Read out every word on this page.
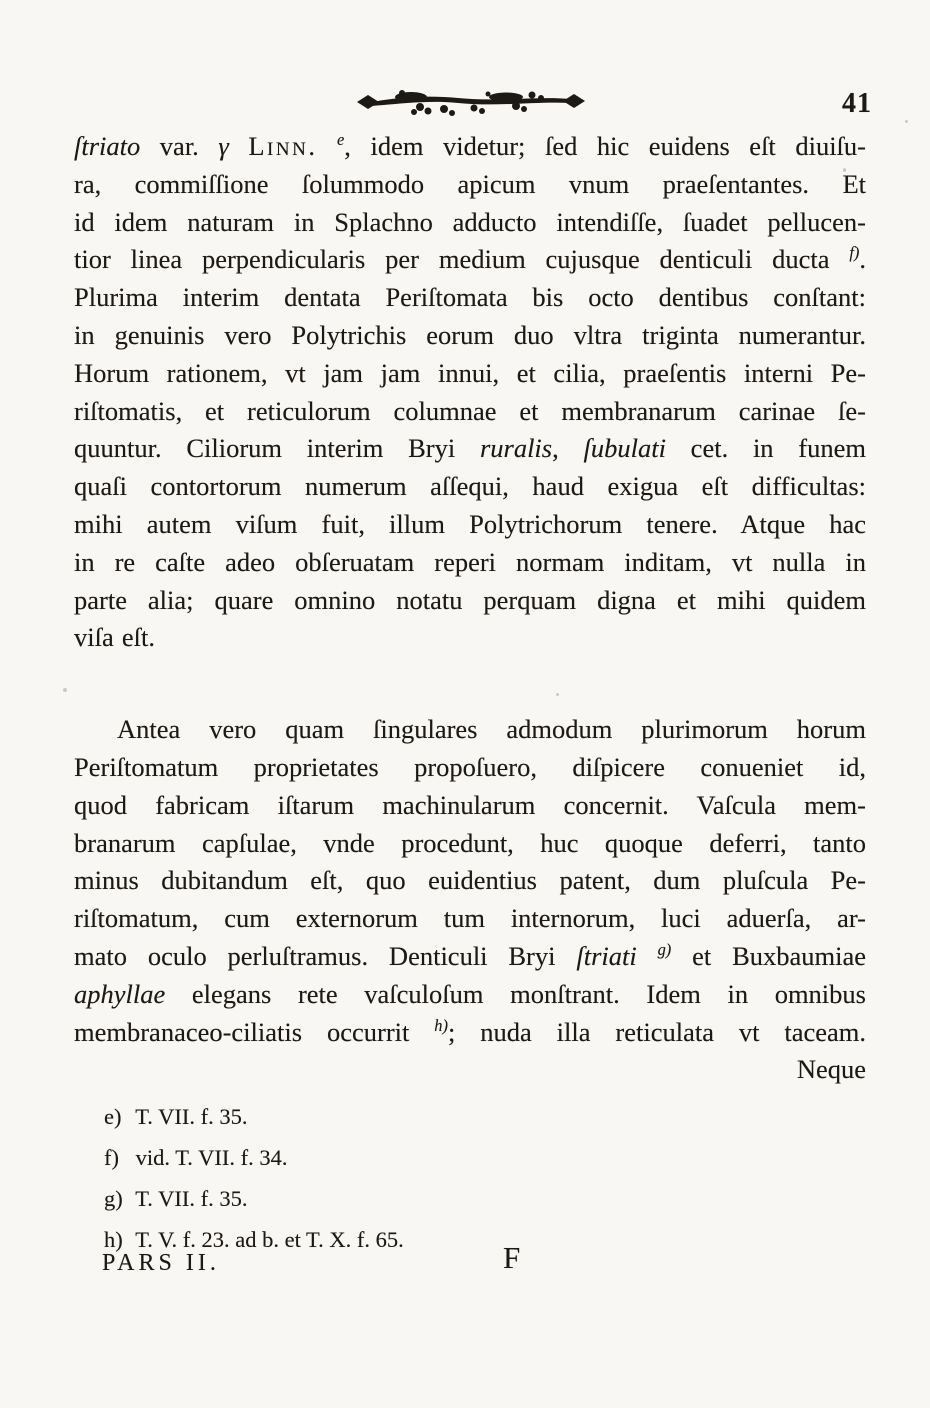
41
ſtriato var. γ Linn. $^e$, idem videtur; ſed hic euidens eſt diuiſu-
ra, commiſſione ſolummodo apicum vnum praeſentantes. Et
id idem naturam in Splachno adducto intendiſſe, ſuadet pellucen-
tior linea perpendicularis per medium cujusque denticuli ducta $^{f)}$.
Plurima interim dentata Periſtomata bis octo dentibus conſtant:
in genuinis vero Polytrichis eorum duo vltra triginta numerantur.
Horum rationem, vt jam jam innui, et cilia, praeſentis interni Pe-
riſtomatis, et reticulorum columnae et membranarum carinae ſe-
quuntur. Ciliorum interim Bryi ruralis, ſubulati cet. in funem
quaſi contortorum numerum aſſequi, haud exigua eſt difficultas:
mihi autem viſum fuit, illum Polytrichorum tenere. Atque hac
in re caſte adeo obſeruatam reperi normam inditam, vt nulla in
parte alia; quare omnino notatu perquam digna et mihi quidem
viſa eſt.
Antea vero quam ſingulares admodum plurimorum horum
Periſtomatum proprietates propoſuero, diſpicere conueniet id,
quod fabricam iſtarum machinularum concernit. Vaſcula mem-
branarum capſulae, vnde procedunt, huc quoque deferri, tanto
minus dubitandum eſt, quo euidentius patent, dum pluſcula Pe-
riſtomatum, cum externorum tum internorum, luci aduerſa, ar-
mato oculo perluſtramus. Denticuli Bryi ſtriati $^{g)}$ et Buxbaumiae
aphyllae elegans rete vaſculoſum monſtrant. Idem in omnibus
membranaceo-ciliatis occurrit $^{h)}$; nuda illa reticulata vt taceam.
Neque
e) T. VII. f. 35.
f) vid. T. VII. f. 34.
g) T. VII. f. 35.
h) T. V. f. 23. ad b. et T. X. f. 65.
PARS II.	F
